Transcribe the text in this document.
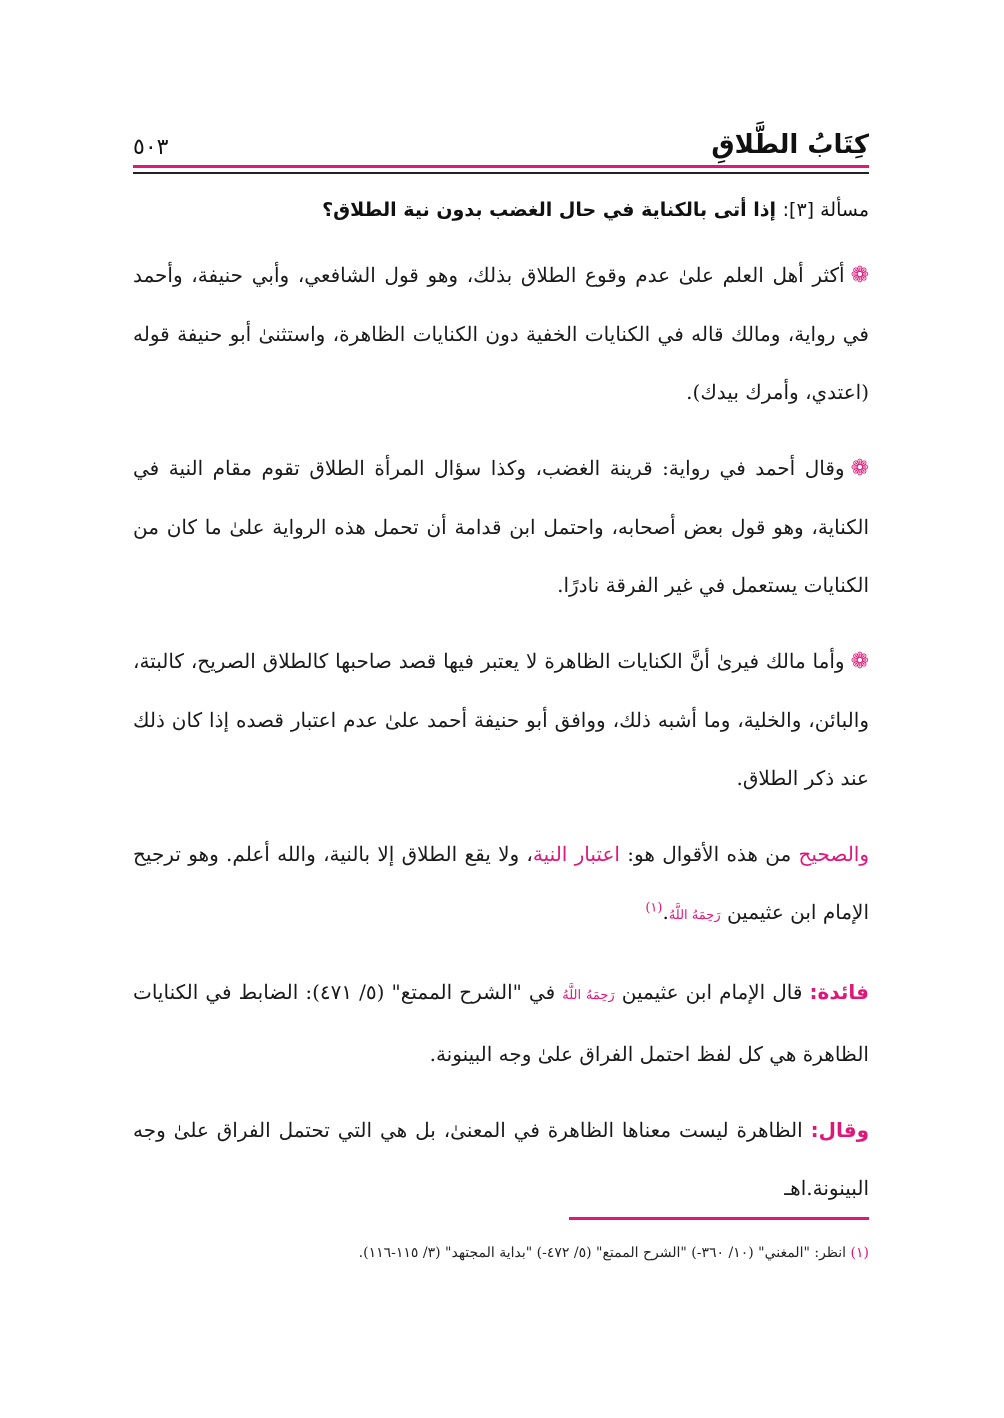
كِتَابُ الطَّلاقِ
٥٠٣
مسألة [٣]: إذا أتى بالكناية في حال الغضب بدون نية الطلاق؟

❁أكثر أهل العلم علىٰ عدم وقوع الطلاق بذلك، وهو قول الشافعي، وأبي حنيفة، وأحمد في رواية، ومالك قاله في الكنايات الخفية دون الكنايات الظاهرة، واستثنىٰ أبو حنيفة قوله (اعتدي، وأمرك بيدك).

❁وقال أحمد في رواية: قرينة الغضب، وكذا سؤال المرأة الطلاق تقوم مقام النية في الكناية، وهو قول بعض أصحابه، واحتمل ابن قدامة أن تحمل هذه الرواية علىٰ ما كان من الكنايات يستعمل في غير الفرقة نادرًا.

❁وأما مالك فيرىٰ أنَّ الكنايات الظاهرة لا يعتبر فيها قصد صاحبها كالطلاق الصريح، كالبتة، والبائن، والخلية، وما أشبه ذلك، ووافق أبو حنيفة أحمد علىٰ عدم اعتبار قصده إذا كان ذلك عند ذكر الطلاق.

والصحيح من هذه الأقوال هو: اعتبار النية، ولا يقع الطلاق إلا بالنية، والله أعلم. وهو ترجيح الإمام ابن عثيمين رَحِمَهُ اللَّهُ.$^{(١)}$

فائدة: قال الإمام ابن عثيمين رَحِمَهُ اللَّهُ في "الشرح الممتع" (٥/ ٤٧١): الضابط في الكنايات الظاهرة هي كل لفظ احتمل الفراق علىٰ وجه البينونة.

وقال: الظاهرة ليست معناها الظاهرة في المعنىٰ، بل هي التي تحتمل الفراق علىٰ وجه البينونة.اهـ

(١) انظر: "المغني" (١٠/ ٣٦٠-) "الشرح الممتع" (٥/ ٤٧٢-) "بداية المجتهد" (٣/ ١١٥-١١٦).
